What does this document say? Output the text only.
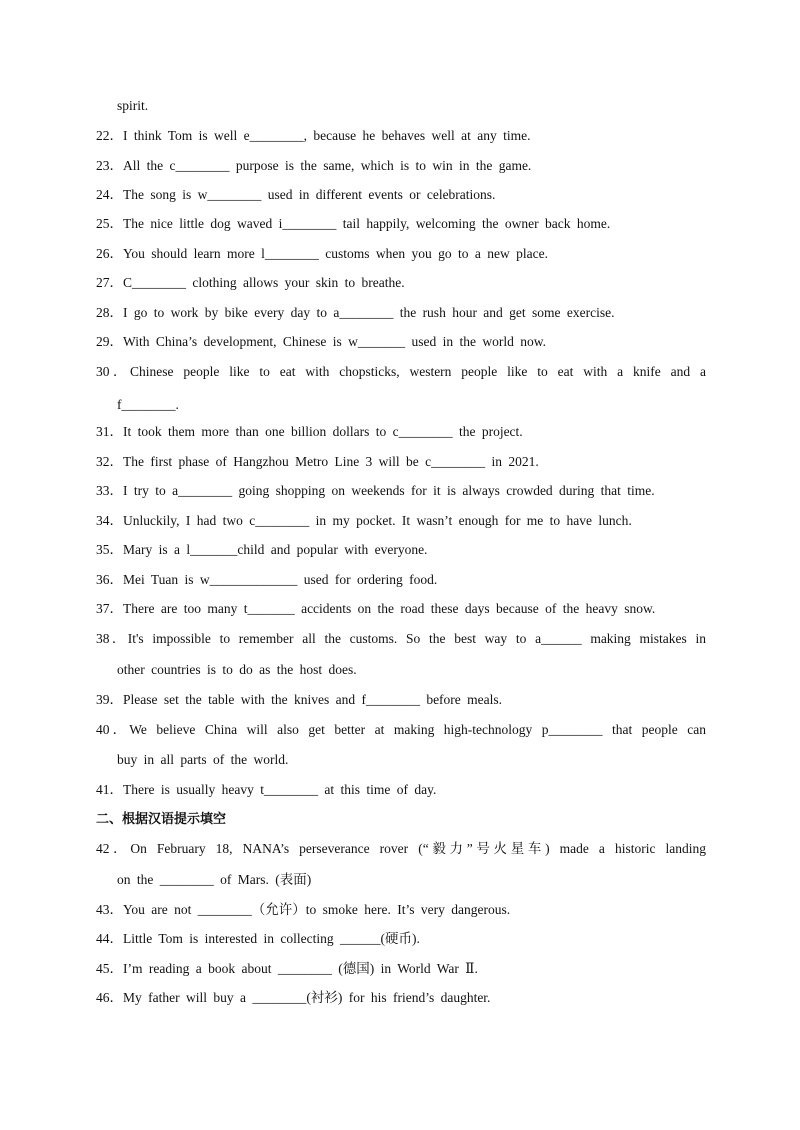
spirit.
22．I think Tom is well e________, because he behaves well at any time.
23．All the c________ purpose is the same, which is to win in the game.
24．The song is w________ used in different events or celebrations.
25．The nice little dog waved i________ tail happily, welcoming the owner back home.
26．You should learn more l________ customs when you go to a new place.
27．C________ clothing allows your skin to breathe.
28．I go to work by bike every day to a________ the rush hour and get some exercise.
29．With China’s development, Chinese is w_______ used in the world now.
30．Chinese people like to eat with chopsticks, western people like to eat with a knife and a
f________.
31．It took them more than one billion dollars to c________ the project.
32．The first phase of Hangzhou Metro Line 3 will be c________ in 2021.
33．I try to a________ going shopping on weekends for it is always crowded during that time.
34．Unluckily, I had two c________ in my pocket. It wasn’t enough for me to have lunch.
35．Mary is a l_______child and popular with everyone.
36．Mei Tuan is w_____________ used for ordering food.
37．There are too many t_______ accidents on the road these days because of the heavy snow.
38．It's impossible to remember all the customs. So the best way to a______ making mistakes in
other countries is to do as the host does.
39．Please set the table with the knives and f________ before meals.
40．We believe China will also get better at making high-technology p________ that people can
buy in all parts of the world.
41．There is usually heavy t________ at this time of day.
二、根据汉语提示填空
42．On February 18, NANA’s perseverance rover (“毅力”号火星车) made a historic landing
on the ________ of Mars. (表面)
43．You are not ________（允许）to smoke here. It’s very dangerous.
44．Little Tom is interested in collecting ______(硬币).
45．I’m reading a book about ________ (德国) in World War Ⅱ.
46．My father will buy a ________(衬衫) for his friend’s daughter.
